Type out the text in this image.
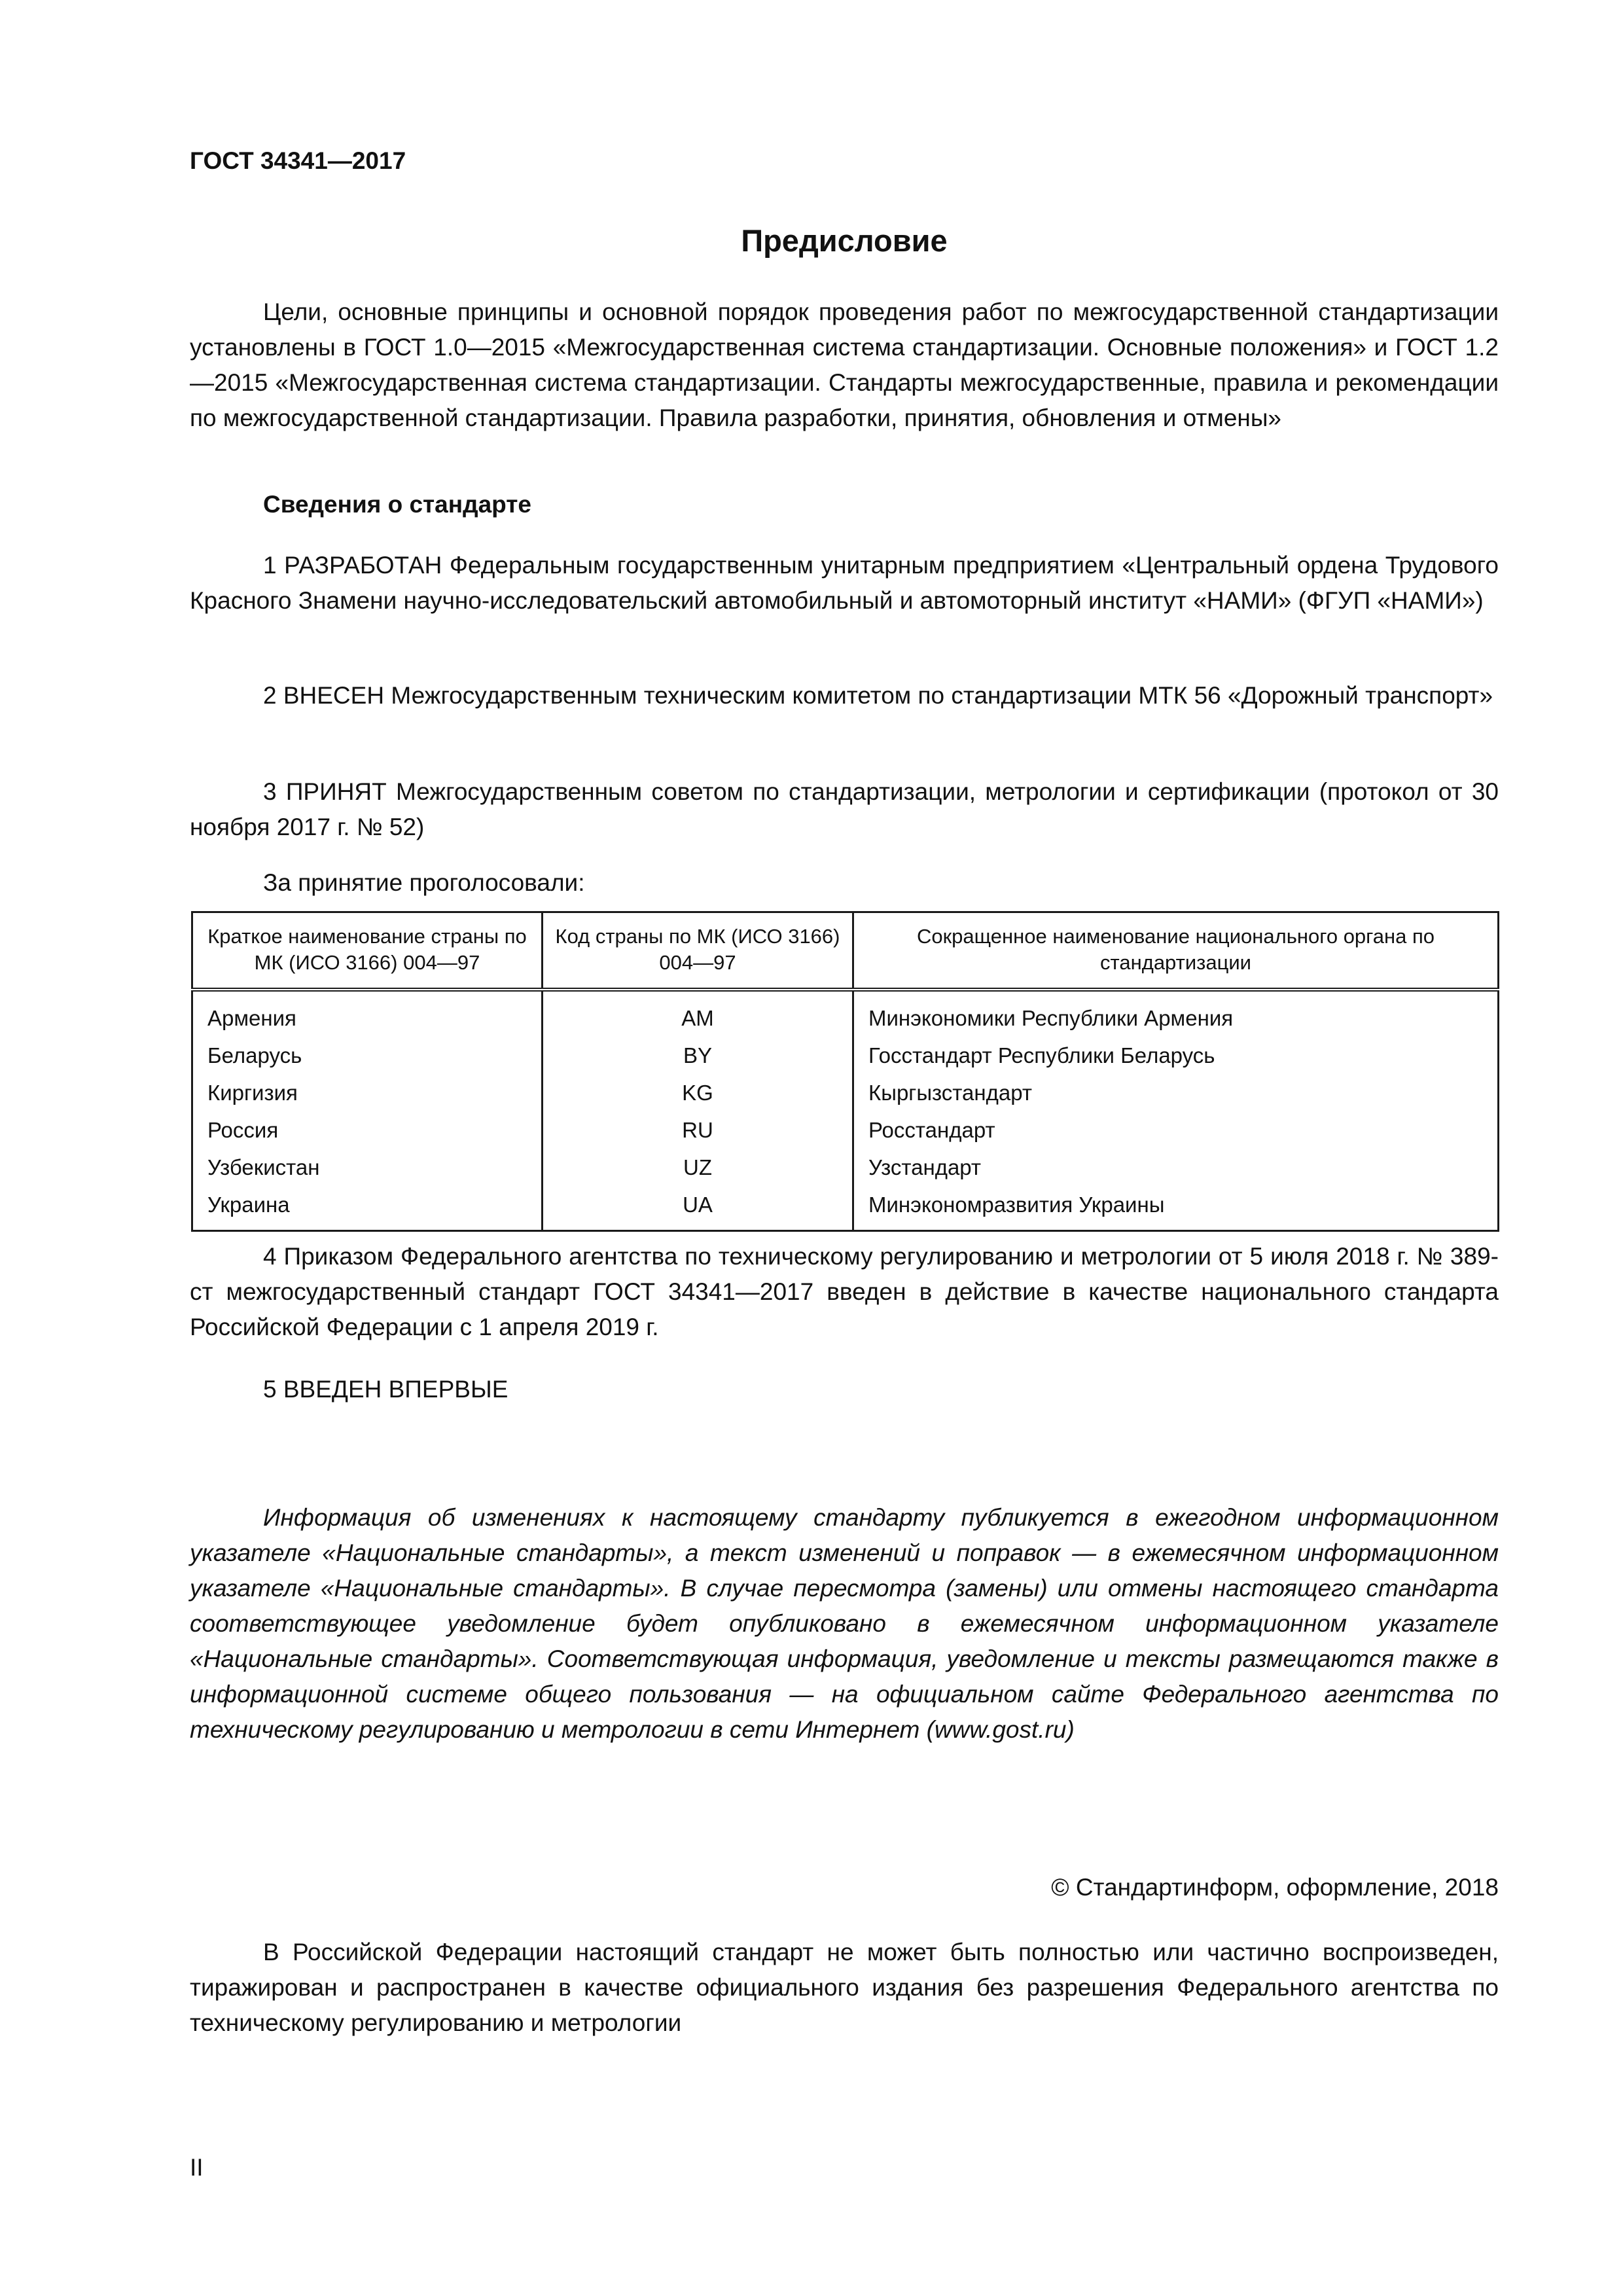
ГОСТ 34341—2017
Предисловие
Цели, основные принципы и основной порядок проведения работ по межгосударственной стандартизации установлены в ГОСТ 1.0—2015 «Межгосударственная система стандартизации. Основные положения» и ГОСТ 1.2—2015 «Межгосударственная система стандартизации. Стандарты межгосударственные, правила и рекомендации по межгосударственной стандартизации. Правила разработки, принятия, обновления и отмены»
Сведения о стандарте
1 РАЗРАБОТАН Федеральным государственным унитарным предприятием «Центральный ордена Трудового Красного Знамени научно-исследовательский автомобильный и автомоторный институт «НАМИ» (ФГУП «НАМИ»)
2 ВНЕСЕН Межгосударственным техническим комитетом по стандартизации МТК 56 «Дорожный транспорт»
3 ПРИНЯТ Межгосударственным советом по стандартизации, метрологии и сертификации (протокол от 30 ноября 2017 г. № 52)
За принятие проголосовали:
Краткое наименование страны по МК (ИСО 3166) 004—97	Код страны по МК (ИСО 3166) 004—97	Сокращенное наименование национального органа по стандартизации
Армения	AM	Минэкономики Республики Армения
Беларусь	BY	Госстандарт Республики Беларусь
Киргизия	KG	Кыргызстандарт
Россия	RU	Росстандарт
Узбекистан	UZ	Узстандарт
Украина	UA	Минэкономразвития Украины
4 Приказом Федерального агентства по техническому регулированию и метрологии от 5 июля 2018 г. № 389-ст межгосударственный стандарт ГОСТ 34341—2017 введен в действие в качестве национального стандарта Российской Федерации с 1 апреля 2019 г.
5 ВВЕДЕН ВПЕРВЫЕ
Информация об изменениях к настоящему стандарту публикуется в ежегодном информационном указателе «Национальные стандарты», а текст изменений и поправок — в ежемесячном информационном указателе «Национальные стандарты». В случае пересмотра (замены) или отмены настоящего стандарта соответствующее уведомление будет опубликовано в ежемесячном информационном указателе «Национальные стандарты». Соответствующая информация, уведомление и тексты размещаются также в информационной системе общего пользования — на официальном сайте Федерального агентства по техническому регулированию и метрологии в сети Интернет (www.gost.ru)
© Стандартинформ, оформление, 2018
В Российской Федерации настоящий стандарт не может быть полностью или частично воспроизведен, тиражирован и распространен в качестве официального издания без разрешения Федерального агентства по техническому регулированию и метрологии
II
